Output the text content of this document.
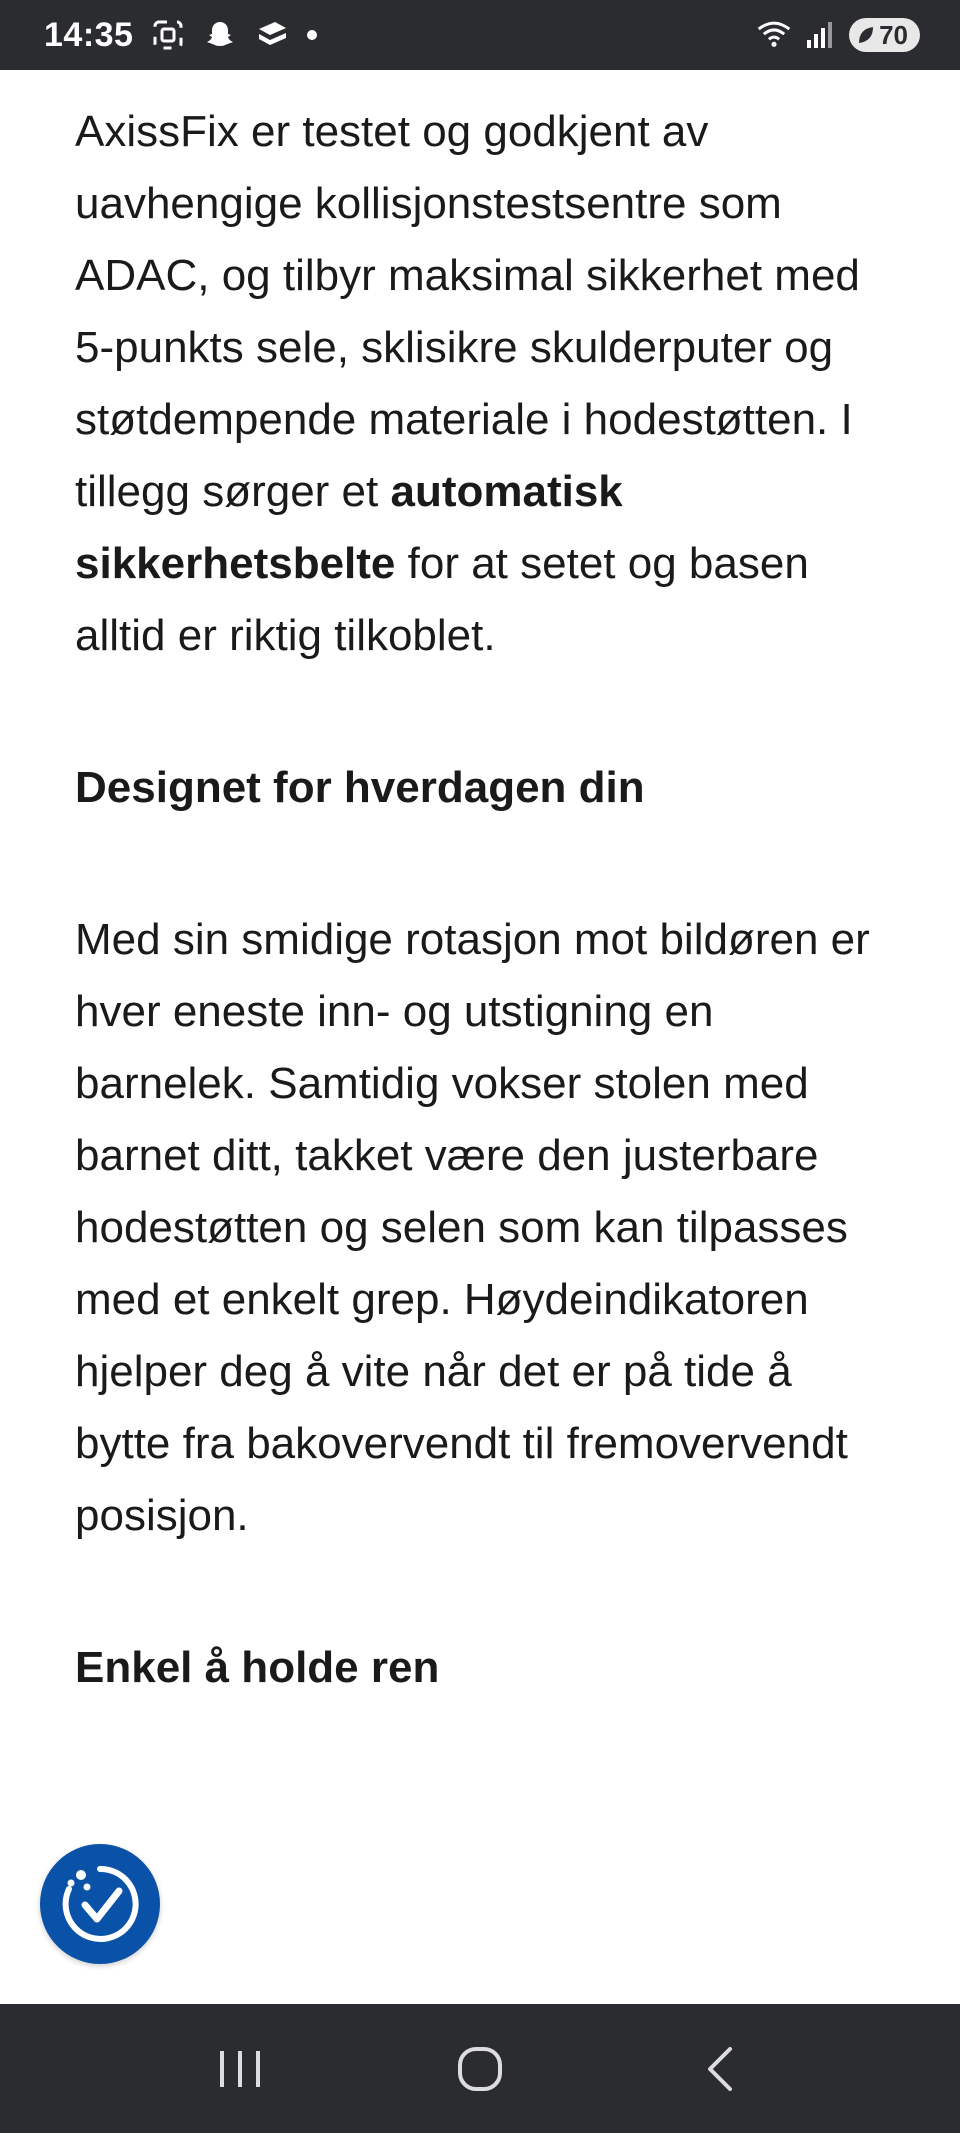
14:35	70

AxissFix er testet og godkjent av uavhengige kollisjonstestsentre som ADAC, og tilbyr maksimal sikkerhet med 5-punkts sele, sklisikre skulderputer og støtdempende materiale i hodestøtten. I tillegg sørger et automatisk sikkerhetsbelte for at setet og basen alltid er riktig tilkoblet.

Designet for hverdagen din

Med sin smidige rotasjon mot bildøren er hver eneste inn- og utstigning en barnelek. Samtidig vokser stolen med barnet ditt, takket være den justerbare hodestøtten og selen som kan tilpasses med et enkelt grep. Høydeindikatoren hjelper deg å vite når det er på tide å bytte fra bakovervendt til fremovervendt posisjon.

Enkel å holde ren
